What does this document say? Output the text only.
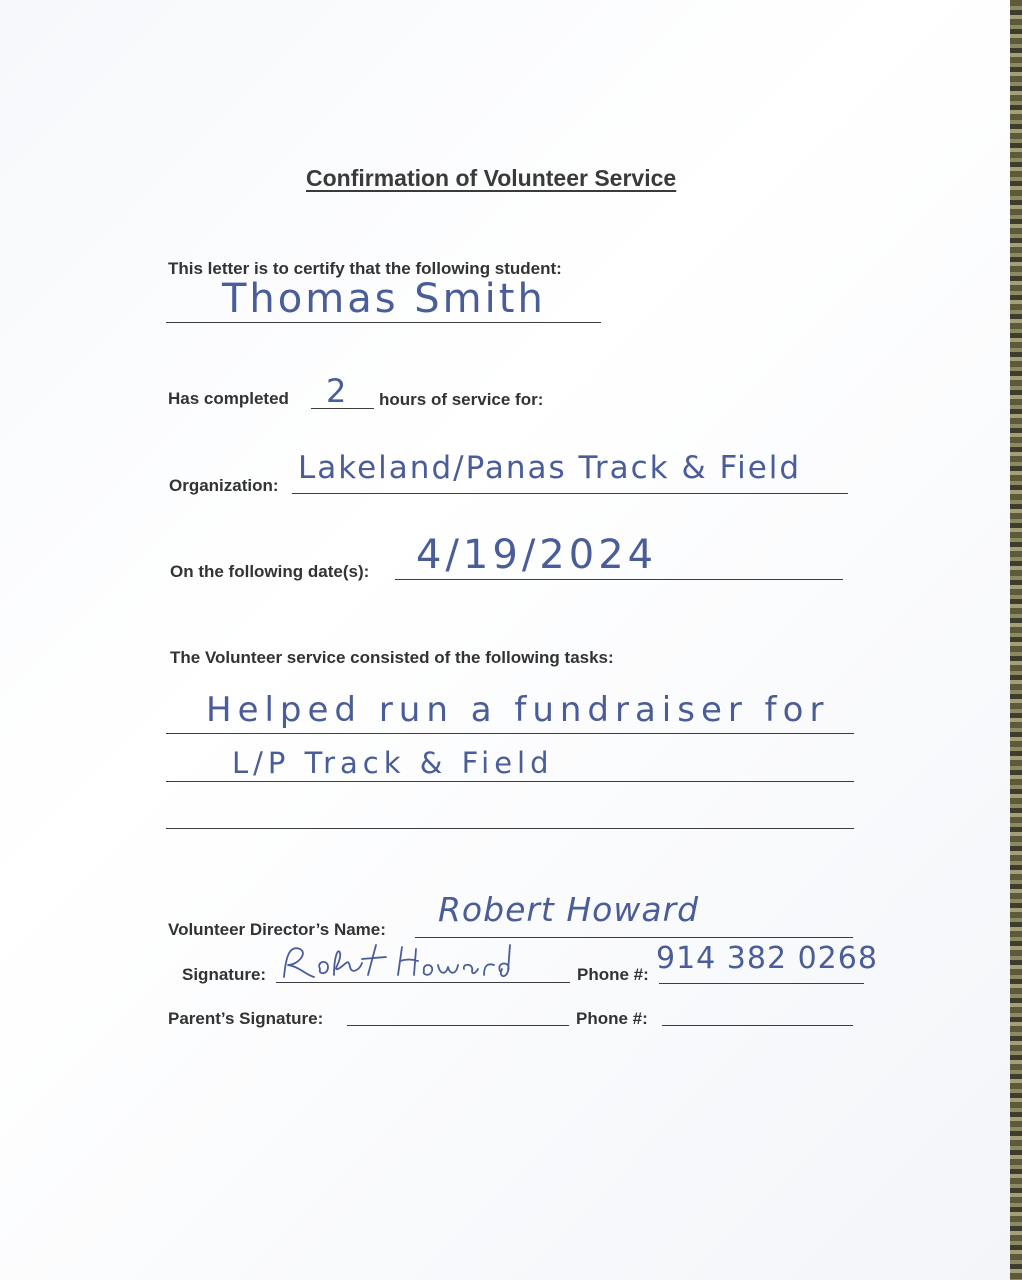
Confirmation of Volunteer Service
This letter is to certify that the following student:
Thomas Smith
Has completed 2 hours of service for:
Organization: Lakeland/Panas Track & Field
On the following date(s): 4/19/2024
The Volunteer service consisted of the following tasks:
Helped run a fundraiser for
L/P Track & Field
Volunteer Director’s Name:
Robert Howard
Signature:	Phone #: 914 382 0268
Parent’s Signature:	Phone #:
